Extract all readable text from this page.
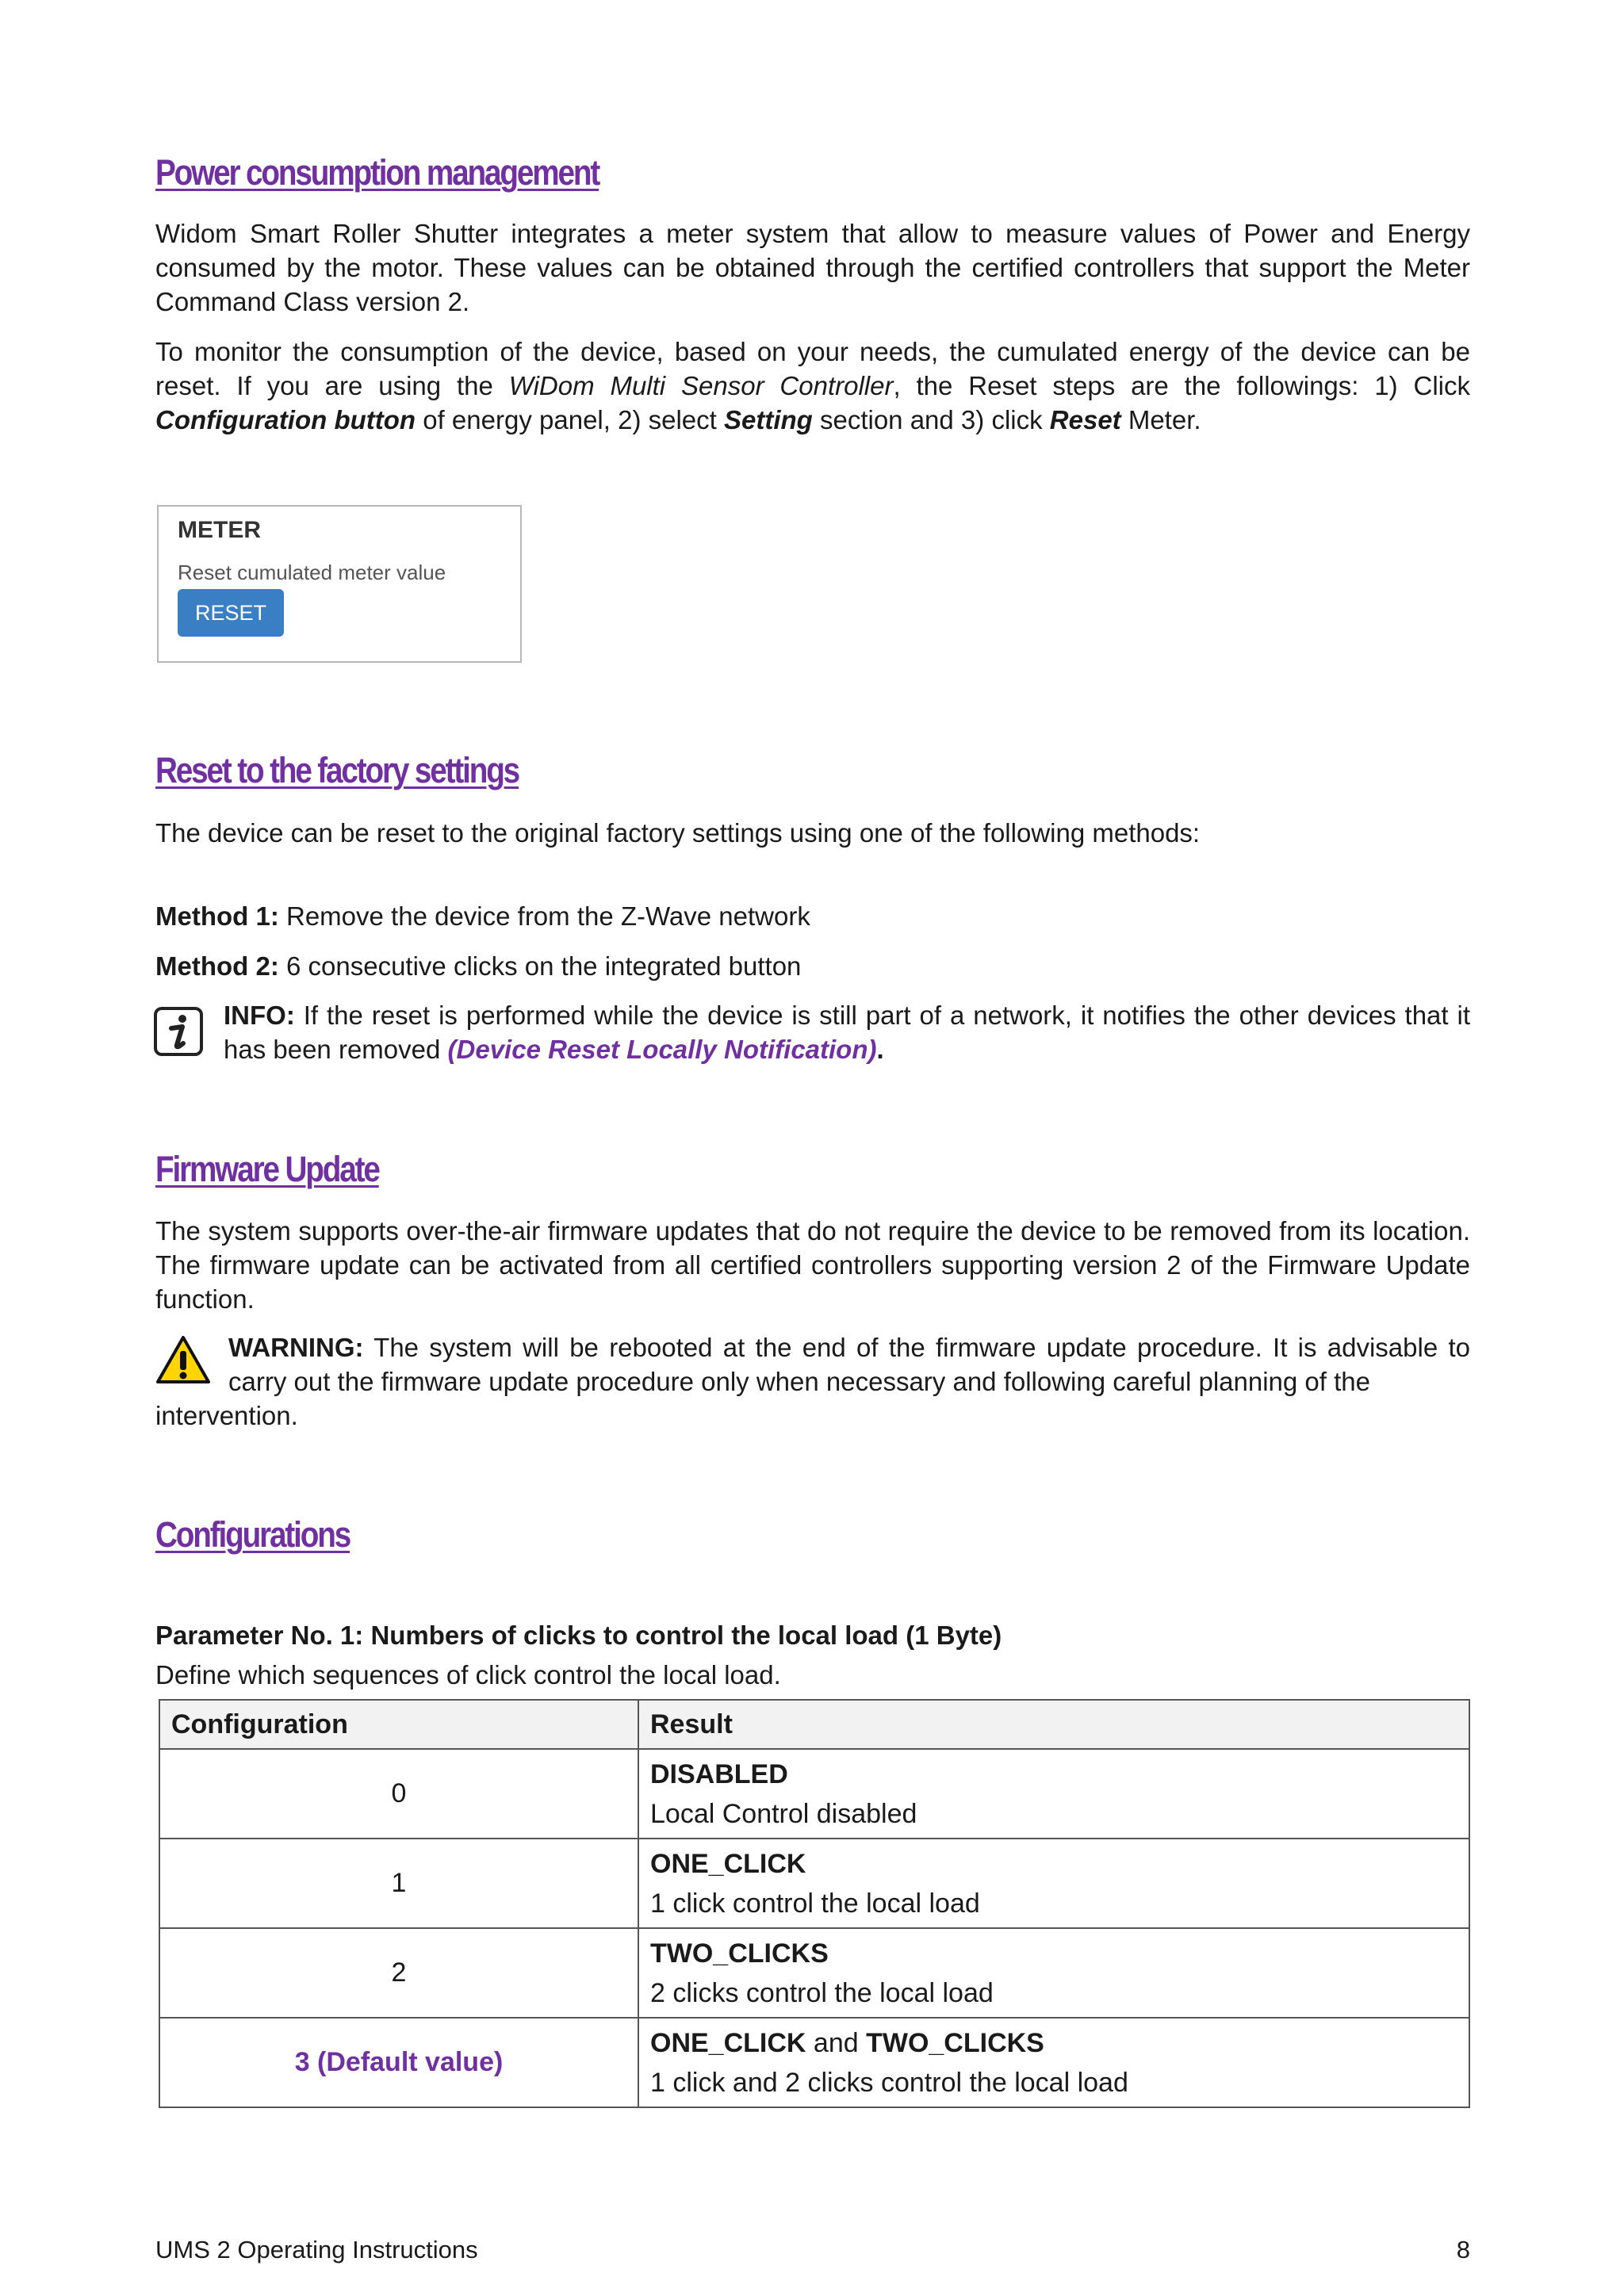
Power consumption management

Widom Smart Roller Shutter integrates a meter system that allow to measure values of Power and Energy consumed by the motor. These values can be obtained through the certified controllers that support the Meter Command Class version 2.

To monitor the consumption of the device, based on your needs, the cumulated energy of the device can be reset. If you are using the WiDom Multi Sensor Controller, the Reset steps are the followings: 1) Click Configuration button of energy panel, 2) select Setting section and 3) click Reset Meter.

METER
Reset cumulated meter value
RESET
Reset to the factory settings

The device can be reset to the original factory settings using one of the following methods:

Method 1: Remove the device from the Z-Wave network

Method 2: 6 consecutive clicks on the integrated button

INFO: If the reset is performed while the device is still part of a network, it notifies the other devices that it has been removed (Device Reset Locally Notification).

Firmware Update

The system supports over-the-air firmware updates that do not require the device to be removed from its location. The firmware update can be activated from all certified controllers supporting version 2 of the Firmware Update function.

WARNING: The system will be rebooted at the end of the firmware update procedure. It is advisable to carry out the firmware update procedure only when necessary and following careful planning of the

intervention.

Configurations

Parameter No. 1: Numbers of clicks to control the local load (1 Byte)

Define which sequences of click control the local load.

Configuration	Result
0	DISABLED
Local Control disabled
1	ONE_CLICK
1 click control the local load
2	TWO_CLICKS
2 clicks control the local load
3 (Default value)	ONE_CLICK and TWO_CLICKS
1 click and 2 clicks control the local load
UMS 2 Operating Instructions	8
